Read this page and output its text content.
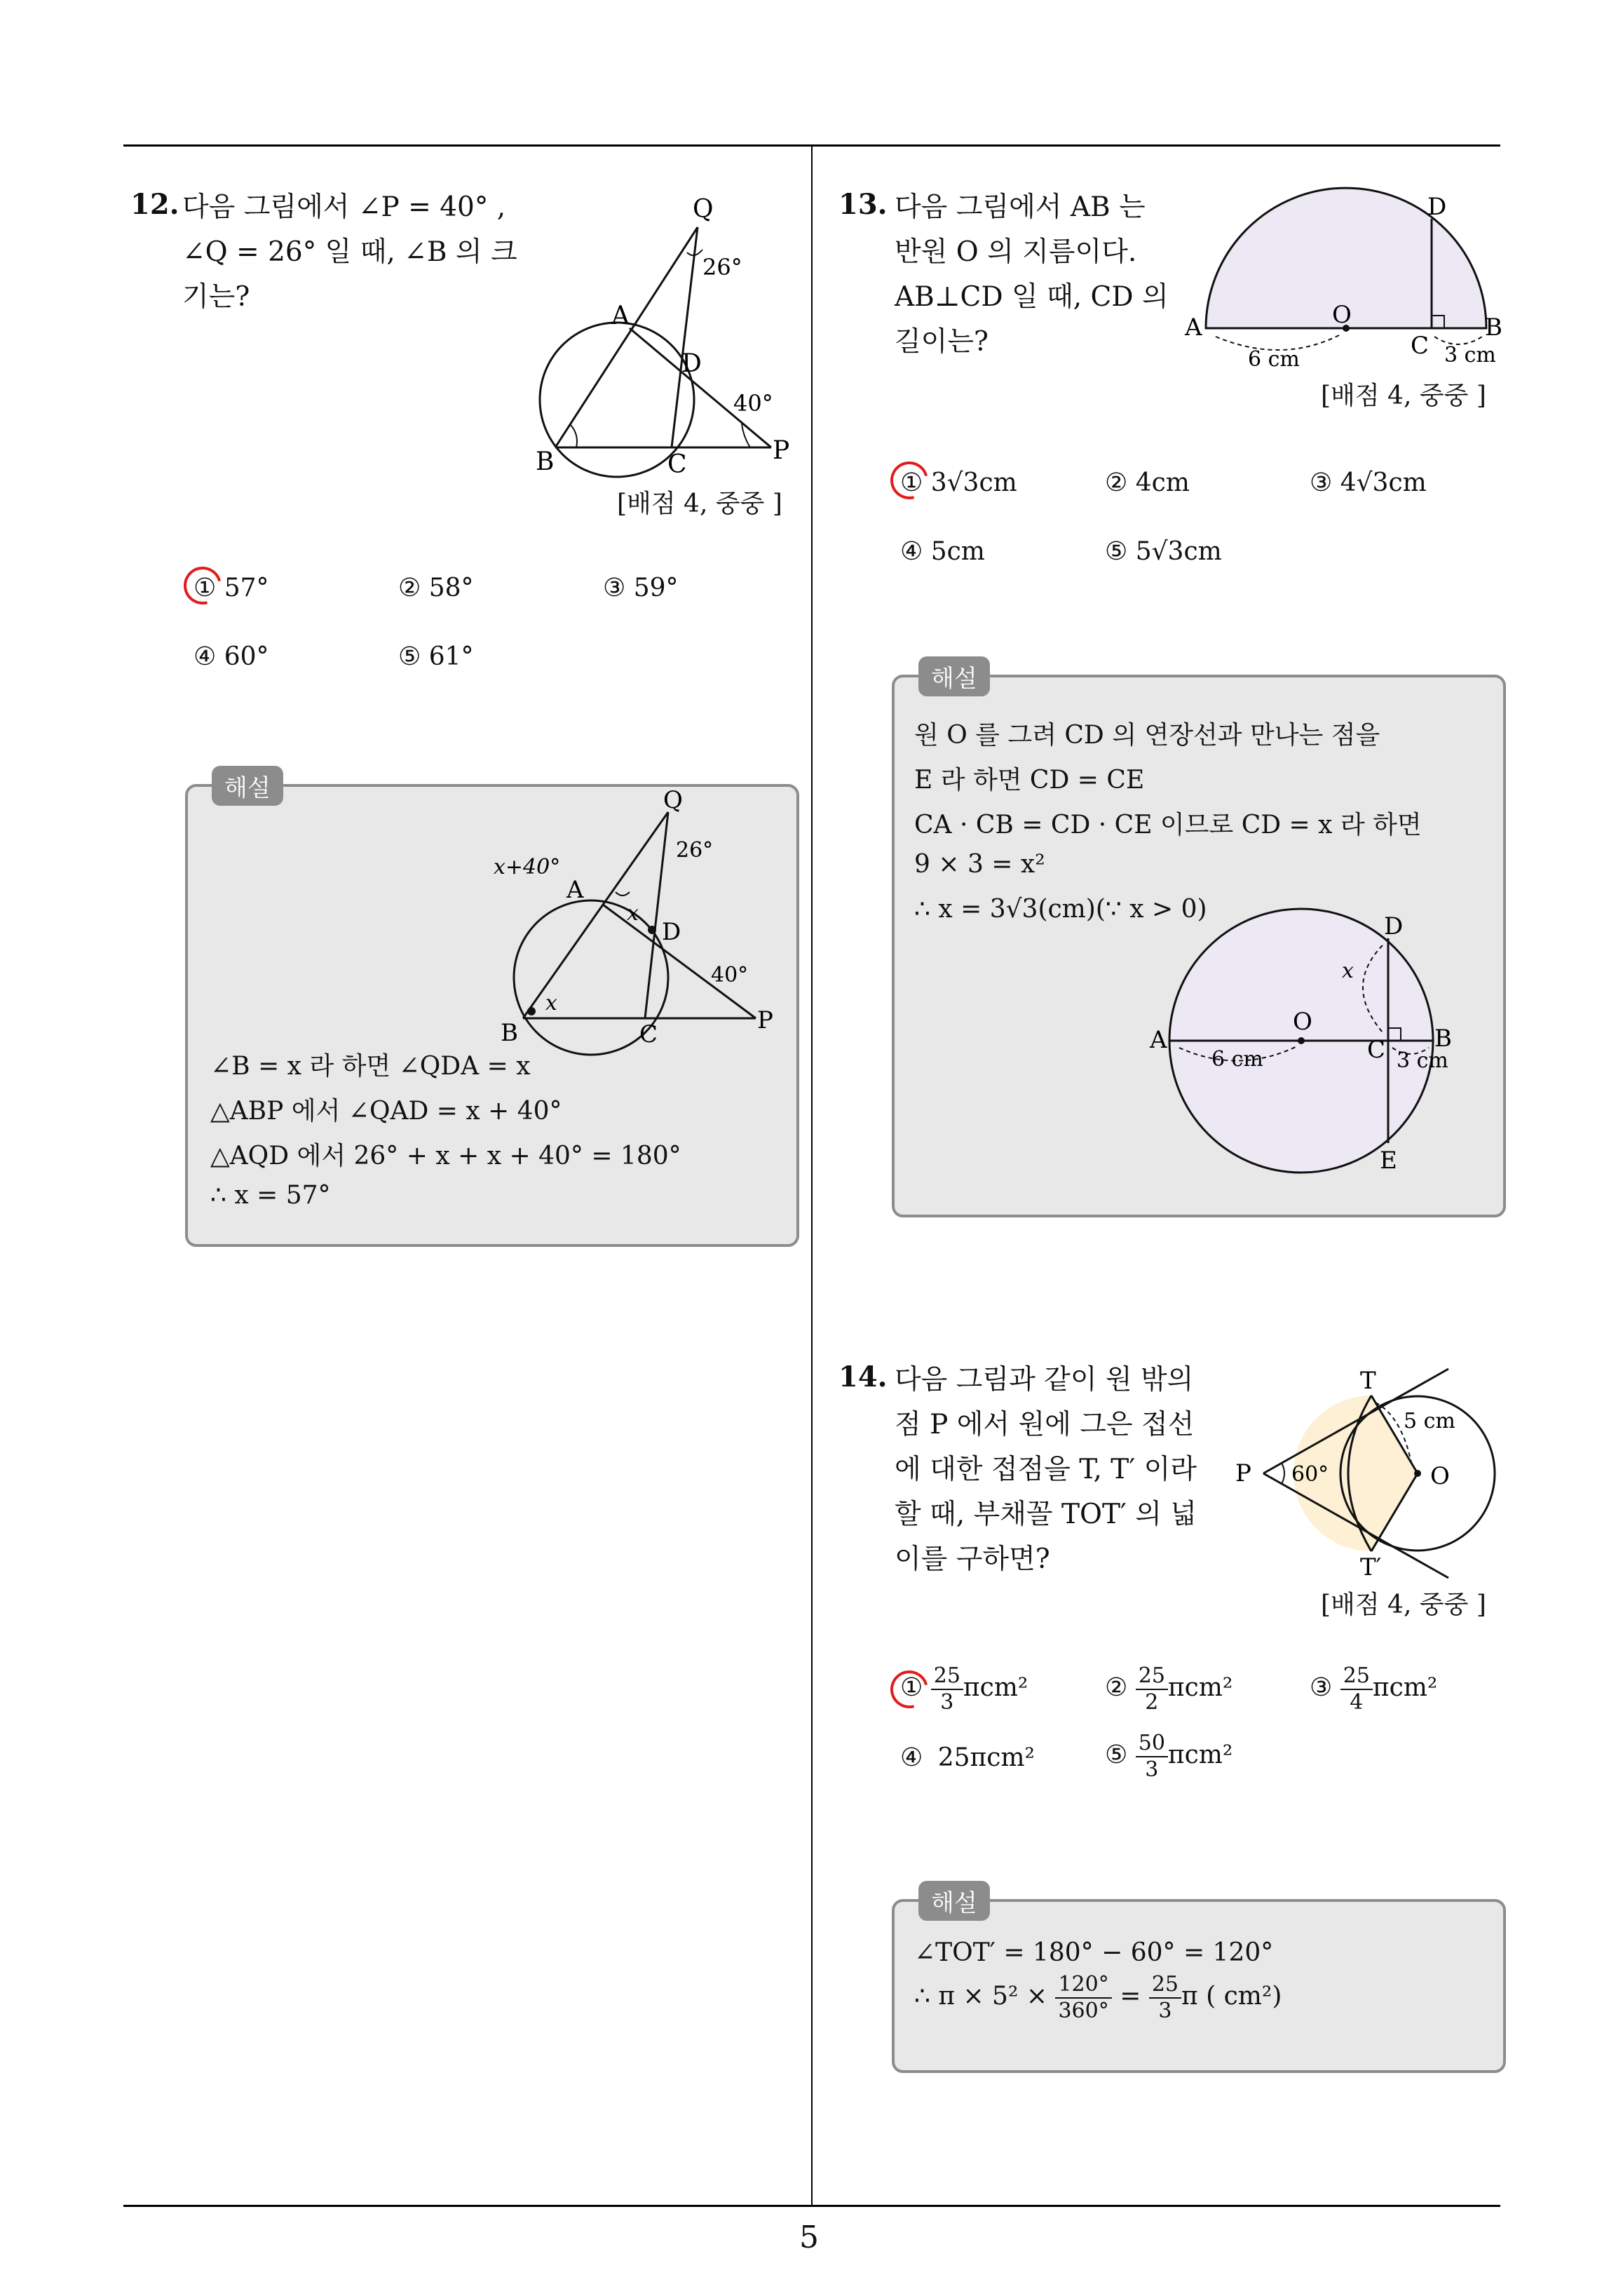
5
12. 다음 그림에서 ∠P = 40° ,
∠Q = 26° 일 때, ∠B 의 크
기는?
Q
26°
A
D
40°
B	C	P
[배점 4, 중중 ]
① 57°	② 58°	③ 59°
④ 60°	⑤ 61°
해설	Q
26°
x+40°
A
x
D
40°
B
x
C	P
∠B = x 라 하면 ∠QDA = x
△ABP 에서 ∠QAD = x + 40°
△AQD 에서 26° + x + x + 40° = 180°
∴ x = 57°
13. 다음 그림에서 AB 는
반원 O 의 지름이다.
AB⊥CD 일 때, CD 의
길이는?
D
A	O
C
B
6 cm	3 cm
[배점 4, 중중 ]
① 3√3cm	② 4cm	③ 4√3cm
④ 5cm	⑤ 5√3cm
해설
원 O 를 그려 CD 의 연장선과 만나는 점을
E 라 하면 CD = CE
CA · CB = CD · CE 이므로 CD = x 라 하면
9 × 3 = x²
∴ x = 3√3(cm)(∵ x > 0)
D
x
A
O
C B
6 cm	3 cm
E
14. 다음 그림과 같이 원 밖의
점 P 에서 원에 그은 접선
에 대한 접점을 T, T′ 이라
할 때, 부채꼴 TOT′ 의 넓
이를 구하면?
T
5 cm
P 60°	O
T′
[배점 4, 중중 ]
① $\frac{25}{3} \pi cm^2$	② $\frac{25}{2} \pi cm^2$	③ $\frac{25}{4} \pi cm^2$
④ 25πcm²	⑤ $\frac{50}{3} \pi cm^2$
해설
∠TOT′ = 180° − 60° = 120°
∴ $\pi \times 5^2 \times \frac{120^\circ}{360^\circ} = \frac{25}{3}$ π ( cm²)
